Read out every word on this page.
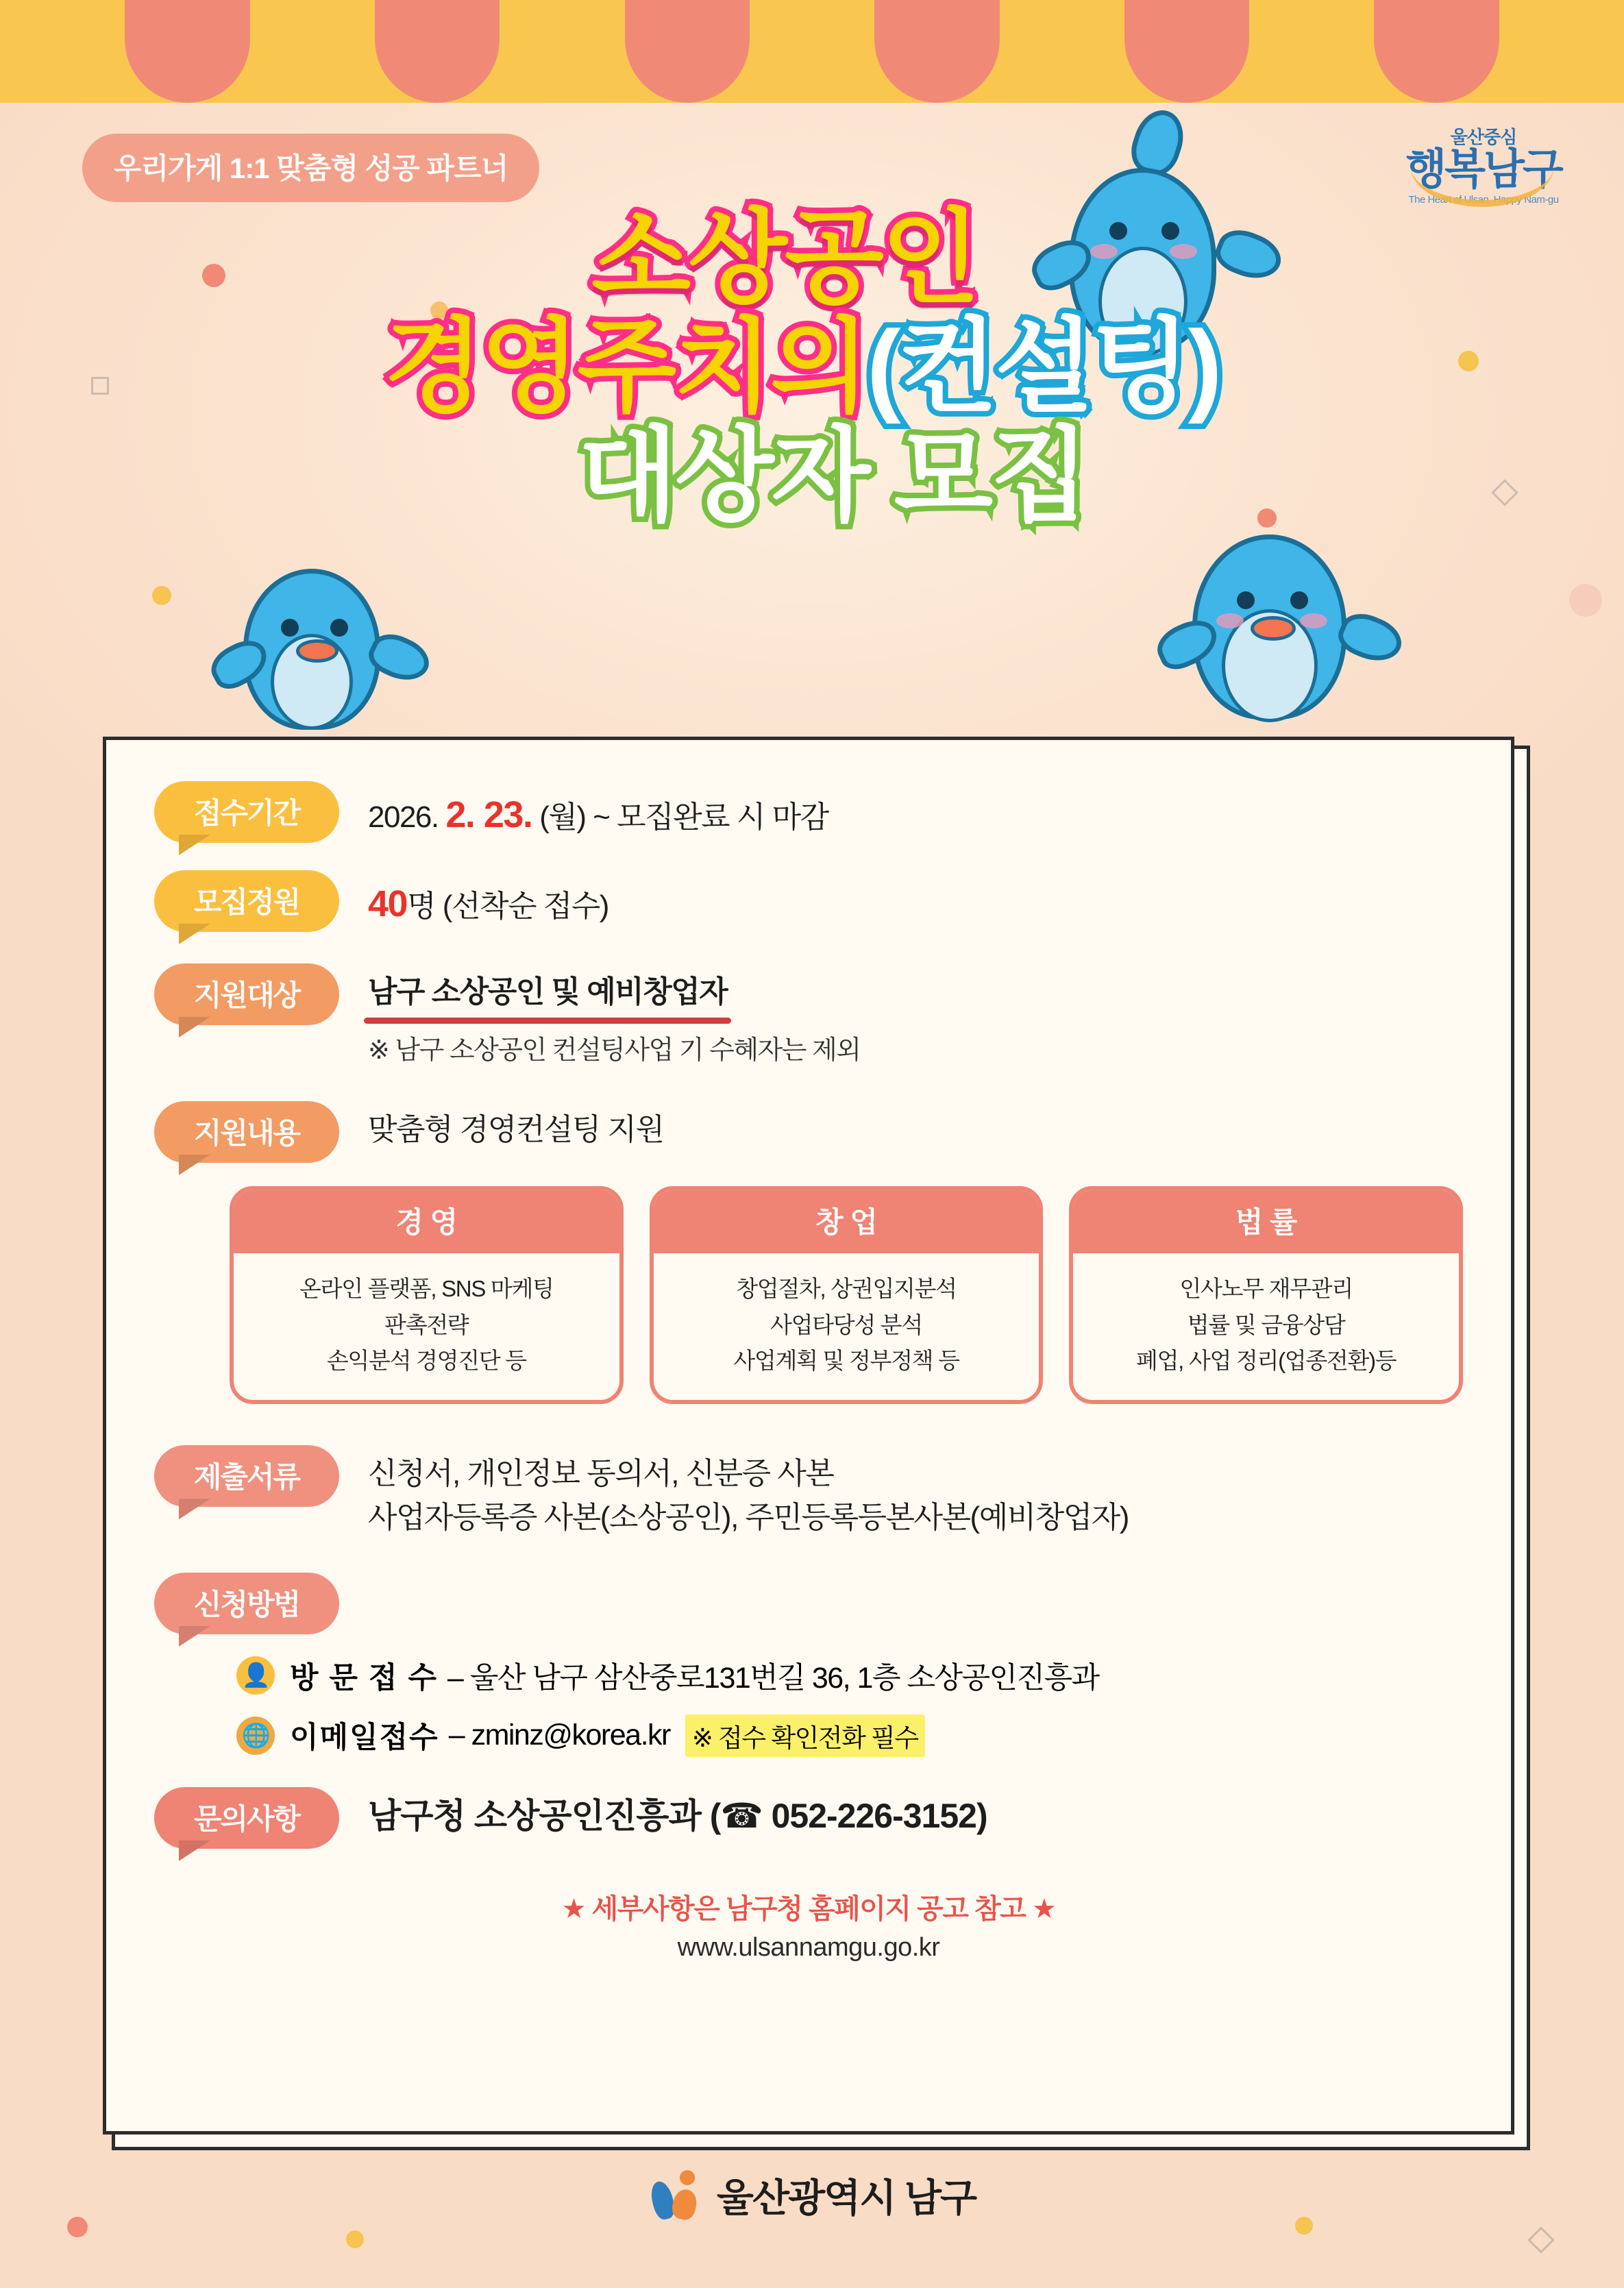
우리가게 1:1 맞춤형 성공 파트너
울산중심
행복남구
The Heart of Ulsan, Happy Nam-gu
소상공인
경영주치의(컨설팅)
대상자 모집
접수기간	2026. 2. 23. (월) ~ 모집완료 시 마감
모집정원	40명 (선착순 접수)
지원대상	남구 소상공인 및 예비창업자
※ 남구 소상공인 컨설팅사업 기 수혜자는 제외
지원내용	맞춤형 경영컨설팅 지원
경 영
온라인 플랫폼, SNS 마케팅
판촉전략
손익분석 경영진단 등
창 업
창업절차, 상권입지분석
사업타당성 분석
사업계획 및 정부정책 등
법 률
인사노무 재무관리
법률 및 금융상담
폐업, 사업 정리(업종전환)등
제출서류	신청서, 개인정보 동의서, 신분증 사본
사업자등록증 사본(소상공인), 주민등록등본사본(예비창업자)
신청방법
👤 방 문 접 수 – 울산 남구 삼산중로131번길 36, 1층 소상공인진흥과
🌐 이메일접수 – zminz@korea.kr ※ 접수 확인전화 필수
문의사항	남구청 소상공인진흥과 (☎ 052-226-3152)
★ 세부사항은 남구청 홈페이지 공고 참고 ★
www.ulsannamgu.go.kr
울산광역시 남구
